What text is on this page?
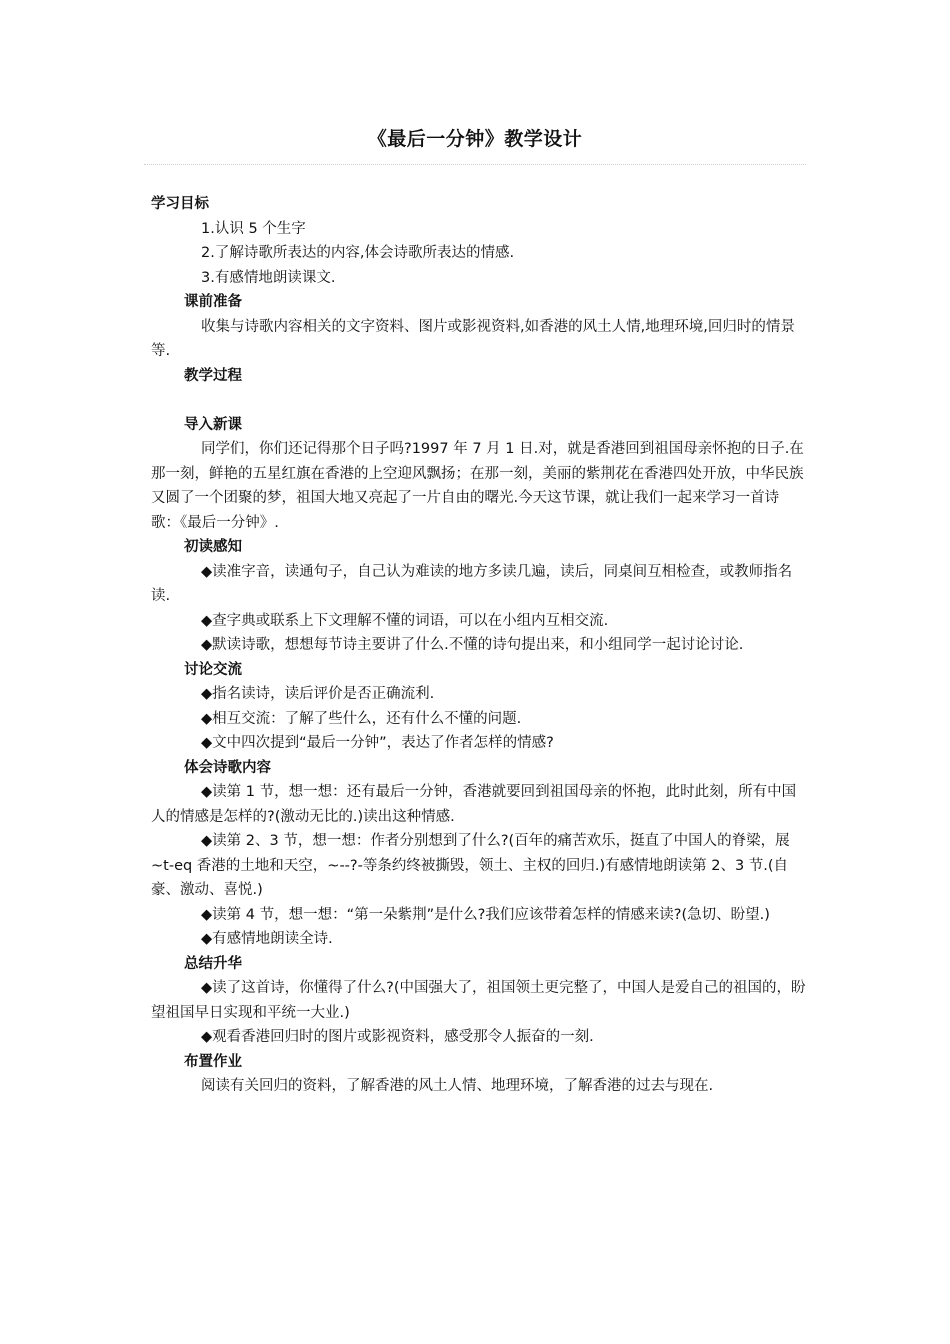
《最后一分钟》教学设计

学习目标

1.认识 5 个生字

2.了解诗歌所表达的内容,体会诗歌所表达的情感.

3.有感情地朗读课文.

课前准备

收集与诗歌内容相关的文字资料、图片或影视资料,如香港的风土人情,地理环境,回归时的情景等.

教学过程

导入新课

同学们，你们还记得那个日子吗?1997 年 7 月 1 日.对，就是香港回到祖国母亲怀抱的日子.在那一刻，鲜艳的五星红旗在香港的上空迎风飘扬；在那一刻，美丽的紫荆花在香港四处开放，中华民族又圆了一个团聚的梦，祖国大地又亮起了一片自由的曙光.今天这节课，就让我们一起来学习一首诗歌：《最后一分钟》.

初读感知

◆读准字音，读通句子，自己认为难读的地方多读几遍，读后，同桌间互相检查，或教师指名读.

◆查字典或联系上下文理解不懂的词语，可以在小组内互相交流.

◆默读诗歌，想想每节诗主要讲了什么.不懂的诗句提出来，和小组同学一起讨论讨论.

讨论交流

◆指名读诗，读后评价是否正确流利.

◆相互交流：了解了些什么，还有什么不懂的问题.

◆文中四次提到“最后一分钟”，表达了作者怎样的情感?

体会诗歌内容

◆读第 1 节，想一想：还有最后一分钟，香港就要回到祖国母亲的怀抱，此时此刻，所有中国人的情感是怎样的?(激动无比的.)读出这种情感.

◆读第 2、3 节，想一想：作者分别想到了什么?(百年的痛苦欢乐，挺直了中国人的脊梁，展~t-eq 香港的土地和天空，~--?-等条约终被撕毁，领土、主权的回归.)有感情地朗读第 2、3 节.(自豪、激动、喜悦.)

◆读第 4 节，想一想：“第一朵紫荆”是什么?我们应该带着怎样的情感来读?(急切、盼望.)

◆有感情地朗读全诗.

总结升华

◆读了这首诗，你懂得了什么?(中国强大了，祖国领土更完整了，中国人是爱自己的祖国的，盼望祖国早日实现和平统一大业.)

◆观看香港回归时的图片或影视资料，感受那令人振奋的一刻.

布置作业

阅读有关回归的资料，了解香港的风土人情、地理环境，了解香港的过去与现在.
